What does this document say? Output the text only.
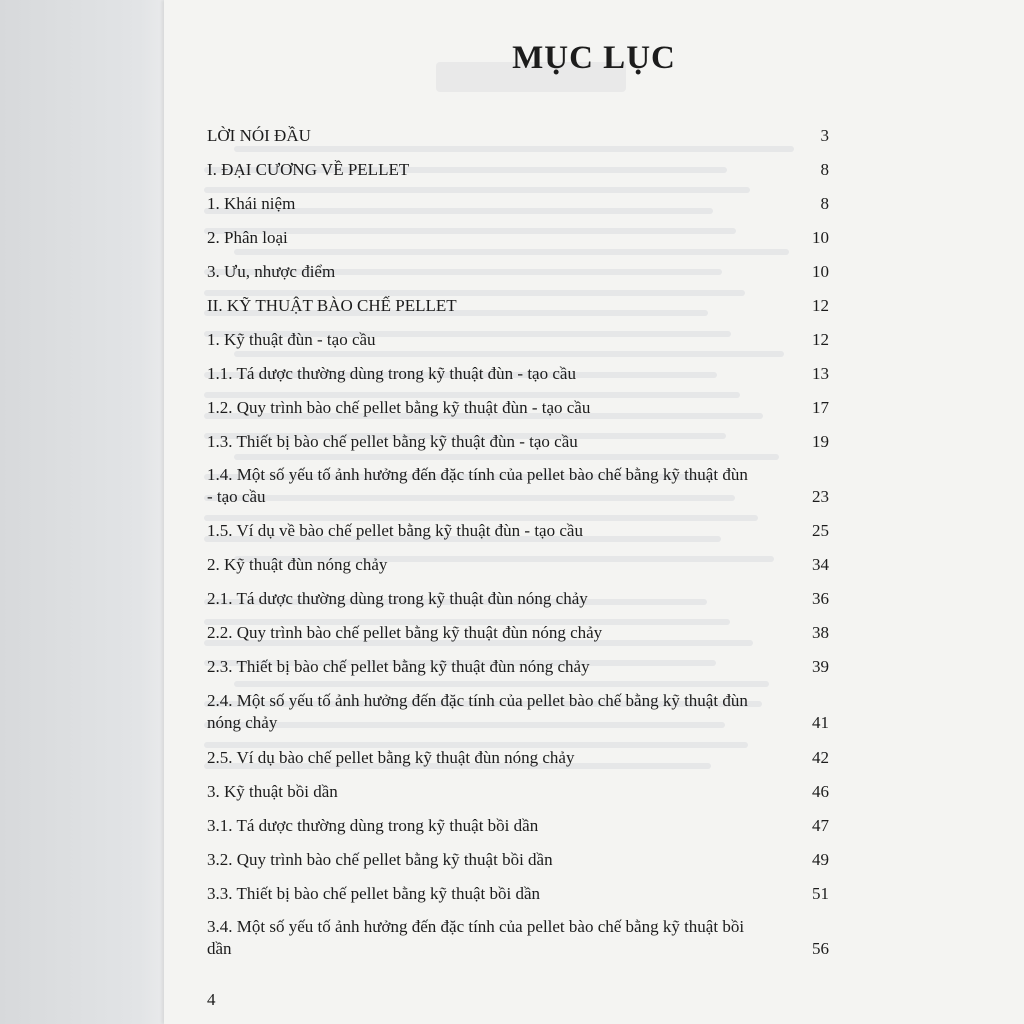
MỤC LỤC
LỜI NÓI ĐẦU	3
I. ĐẠI CƯƠNG VỀ PELLET	8
1. Khái niệm	8
2. Phân loại	10
3. Ưu, nhược điểm	10
II. KỸ THUẬT BÀO CHẾ PELLET	12
1. Kỹ thuật đùn - tạo cầu	12
1.1. Tá dược thường dùng trong kỹ thuật đùn - tạo cầu	13
1.2. Quy trình bào chế pellet bằng kỹ thuật đùn - tạo cầu	17
1.3. Thiết bị bào chế pellet bằng kỹ thuật đùn - tạo cầu	19
1.4. Một số yếu tố ảnh hưởng đến đặc tính của pellet bào chế bằng kỹ thuật đùn - tạo cầu	23
1.5. Ví dụ về bào chế pellet bằng kỹ thuật đùn - tạo cầu	25
2. Kỹ thuật đùn nóng chảy	34
2.1. Tá dược thường dùng trong kỹ thuật đùn nóng chảy	36
2.2. Quy trình bào chế pellet bằng kỹ thuật đùn nóng chảy	38
2.3. Thiết bị bào chế pellet bằng kỹ thuật đùn nóng chảy	39
2.4. Một số yếu tố ảnh hưởng đến đặc tính của pellet bào chế bằng kỹ thuật đùn nóng chảy	41
2.5. Ví dụ bào chế pellet bằng kỹ thuật đùn nóng chảy	42
3. Kỹ thuật bồi dần	46
3.1. Tá dược thường dùng trong kỹ thuật bồi dần	47
3.2. Quy trình bào chế pellet bằng kỹ thuật bồi dần	49
3.3. Thiết bị bào chế pellet bằng kỹ thuật bồi dần	51
3.4. Một số yếu tố ảnh hưởng đến đặc tính của pellet bào chế bằng kỹ thuật bồi dần	56
4
